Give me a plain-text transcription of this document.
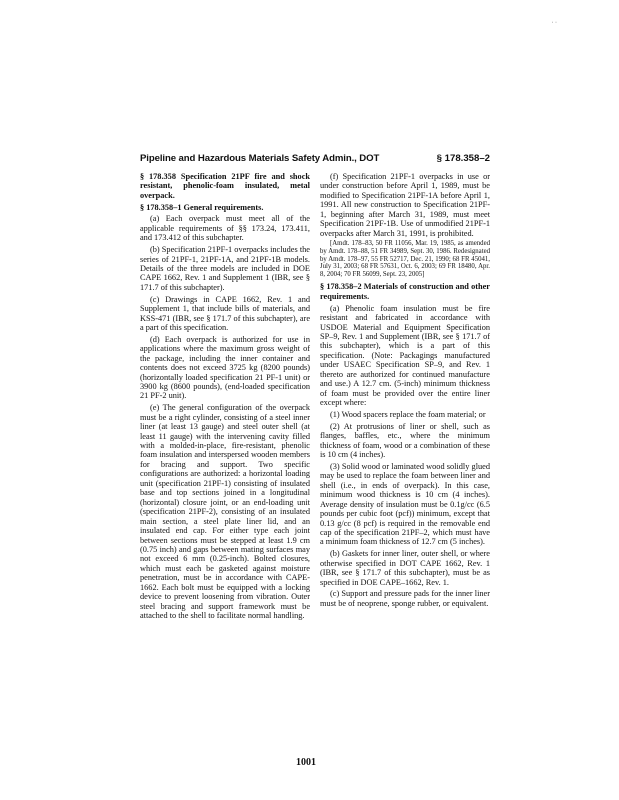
· ·
Pipeline and Hazardous Materials Safety Admin., DOT	§ 178.358–2

§ 178.358 Specification 21PF fire and shock resistant, phenolic-foam insulated, metal overpack.

§ 178.358–1 General requirements.

(a) Each overpack must meet all of the applicable requirements of §§ 173.24, 173.411, and 173.412 of this subchapter.

(b) Specification 21PF-1 overpacks includes the series of 21PF-1, 21PF-1A, and 21PF-1B models. Details of the three models are included in DOE CAPE 1662, Rev. 1 and Supplement 1 (IBR, see § 171.7 of this subchapter).

(c) Drawings in CAPE 1662, Rev. 1 and Supplement 1, that include bills of materials, and KSS-471 (IBR, see § 171.7 of this subchapter), are a part of this specification.

(d) Each overpack is authorized for use in applications where the maximum gross weight of the package, including the inner container and contents does not exceed 3725 kg (8200 pounds) (horizontally loaded specification 21 PF-1 unit) or 3900 kg (8600 pounds), (end-loaded specification 21 PF-2 unit).

(e) The general configuration of the overpack must be a right cylinder, consisting of a steel inner liner (at least 13 gauge) and steel outer shell (at least 11 gauge) with the intervening cavity filled with a molded-in-place, fire-resistant, phenolic foam insulation and interspersed wooden members for bracing and support. Two specific configurations are authorized: a horizontal loading unit (specification 21PF-1) consisting of insulated base and top sections joined in a longitudinal (horizontal) closure joint, or an end-loading unit (specification 21PF-2), consisting of an insulated main section, a steel plate liner lid, and an insulated end cap. For either type each joint between sections must be stepped at least 1.9 cm (0.75 inch) and gaps between mating surfaces may not exceed 6 mm (0.25-inch). Bolted closures, which must each be gasketed against moisture penetration, must be in accordance with CAPE-1662. Each bolt must be equipped with a locking device to prevent loosening from vibration. Outer steel bracing and support framework must be attached to the shell to facilitate normal handling.

(f) Specification 21PF-1 overpacks in use or under construction before April 1, 1989, must be modified to Specification 21PF-1A before April 1, 1991. All new construction to Specification 21PF-1, beginning after March 31, 1989, must meet Specification 21PF-1B. Use of unmodified 21PF-1 overpacks after March 31, 1991, is prohibited.

[Amdt. 178–83, 50 FR 11056, Mar. 19, 1985, as amended by Amdt. 178–88, 51 FR 34989, Sept. 30, 1986. Redesignated by Amdt. 178–97, 55 FR 52717, Dec. 21, 1990; 68 FR 45041, July 31, 2003; 68 FR 57631, Oct. 6, 2003; 69 FR 18480, Apr. 8, 2004; 70 FR 56099, Sept. 23, 2005]

§ 178.358–2 Materials of construction and other requirements.

(a) Phenolic foam insulation must be fire resistant and fabricated in accordance with USDOE Material and Equipment Specification SP–9, Rev. 1 and Supplement (IBR, see § 171.7 of this subchapter), which is a part of this specification. (Note: Packagings manufactured under USAEC Specification SP–9, and Rev. 1 thereto are authorized for continued manufacture and use.) A 12.7 cm. (5-inch) minimum thickness of foam must be provided over the entire liner except where:

(1) Wood spacers replace the foam material; or

(2) At protrusions of liner or shell, such as flanges, baffles, etc., where the minimum thickness of foam, wood or a combination of these is 10 cm (4 inches).

(3) Solid wood or laminated wood solidly glued may be used to replace the foam between liner and shell (i.e., in ends of overpack). In this case, minimum wood thickness is 10 cm (4 inches). Average density of insulation must be 0.1g/cc (6.5 pounds per cubic foot (pcf)) minimum, except that 0.13 g/cc (8 pcf) is required in the removable end cap of the specification 21PF–2, which must have a minimum foam thickness of 12.7 cm (5 inches).

(b) Gaskets for inner liner, outer shell, or where otherwise specified in DOT CAPE 1662, Rev. 1 (IBR, see § 171.7 of this subchapter), must be as specified in DOE CAPE–1662, Rev. 1.

(c) Support and pressure pads for the inner liner must be of neoprene, sponge rubber, or equivalent.

1001
